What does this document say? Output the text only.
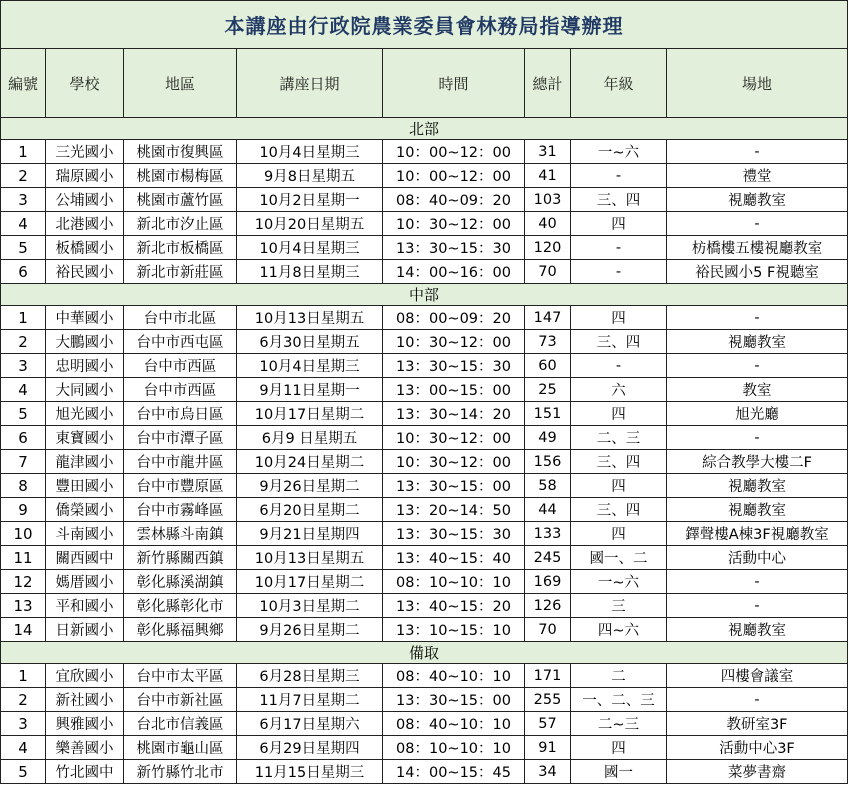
本講座由行政院農業委員會林務局指導辦理							
編號	學校	地區	講座日期	時間	總計	年級	場地
北部							
1	三光國小	桃園市復興區	10月4日星期三	10：00~12：00	31	一~六	-
2	瑞原國小	桃園市楊梅區	9月8日星期五	10：00~12：00	41	-	禮堂
3	公埔國小	桃園市蘆竹區	10月2日星期一	08：40~09：20	103	三、四	視廳教室
4	北港國小	新北市汐止區	10月20日星期五	10：30~12：00	40	四	-
5	板橋國小	新北市板橋區	10月4日星期三	13：30~15：30	120	-	枋橋樓五樓視廳教室
6	裕民國小	新北市新莊區	11月8日星期三	14：00~16：00	70	-	裕民國小5 F視聽室
中部							
1	中華國小	台中市北區	10月13日星期五	08：00~09：20	147	四	-
2	大鵬國小	台中市西屯區	6月30日星期五	10：30~12：00	73	三、四	視廳教室
3	忠明國小	台中市西區	10月4日星期三	13：30~15：30	60	-	-
4	大同國小	台中市西區	9月11日星期一	13：00~15：00	25	六	教室
5	旭光國小	台中市烏日區	10月17日星期二	13：30~14：20	151	四	旭光廳
6	東寶國小	台中市潭子區	6月9 日星期五	10：30~12：00	49	二、三	-
7	龍津國小	台中市龍井區	10月24日星期二	10：30~12：00	156	三、四	綜合教學大樓二F
8	豐田國小	台中市豐原區	9月26日星期二	13：30~15：00	58	四	視廳教室
9	僑榮國小	台中市霧峰區	6月20日星期二	13：20~14：50	44	三、四	視廳教室
10	斗南國小	雲林縣斗南鎮	9月21日星期四	13：30~15：30	133	四	鐸聲樓A棟3F視廳教室
11	關西國中	新竹縣關西鎮	10月13日星期五	13：40~15：40	245	國一、二	活動中心
12	媽厝國小	彰化縣溪湖鎮	10月17日星期二	08：10~10：10	169	一~六	-
13	平和國小	彰化縣彰化市	10月3日星期二	13：40~15：20	126	三	-
14	日新國小	彰化縣福興鄉	9月26日星期二	13：10~15：10	70	四~六	視廳教室
備取							
1	宜欣國小	台中市太平區	6月28日星期三	08：40~10：10	171	二	四樓會議室
2	新社國小	台中市新社區	11月7日星期二	13：30~15：00	255	一、二、三	-
3	興雅國小	台北市信義區	6月17日星期六	08：40~10：10	57	二~三	教研室3F
4	樂善國小	桃園市龜山區	6月29日星期四	08：10~10：10	91	四	活動中心3F
5	竹北國中	新竹縣竹北市	11月15日星期三	14：00~15：45	34	國一	菜夢書齋
